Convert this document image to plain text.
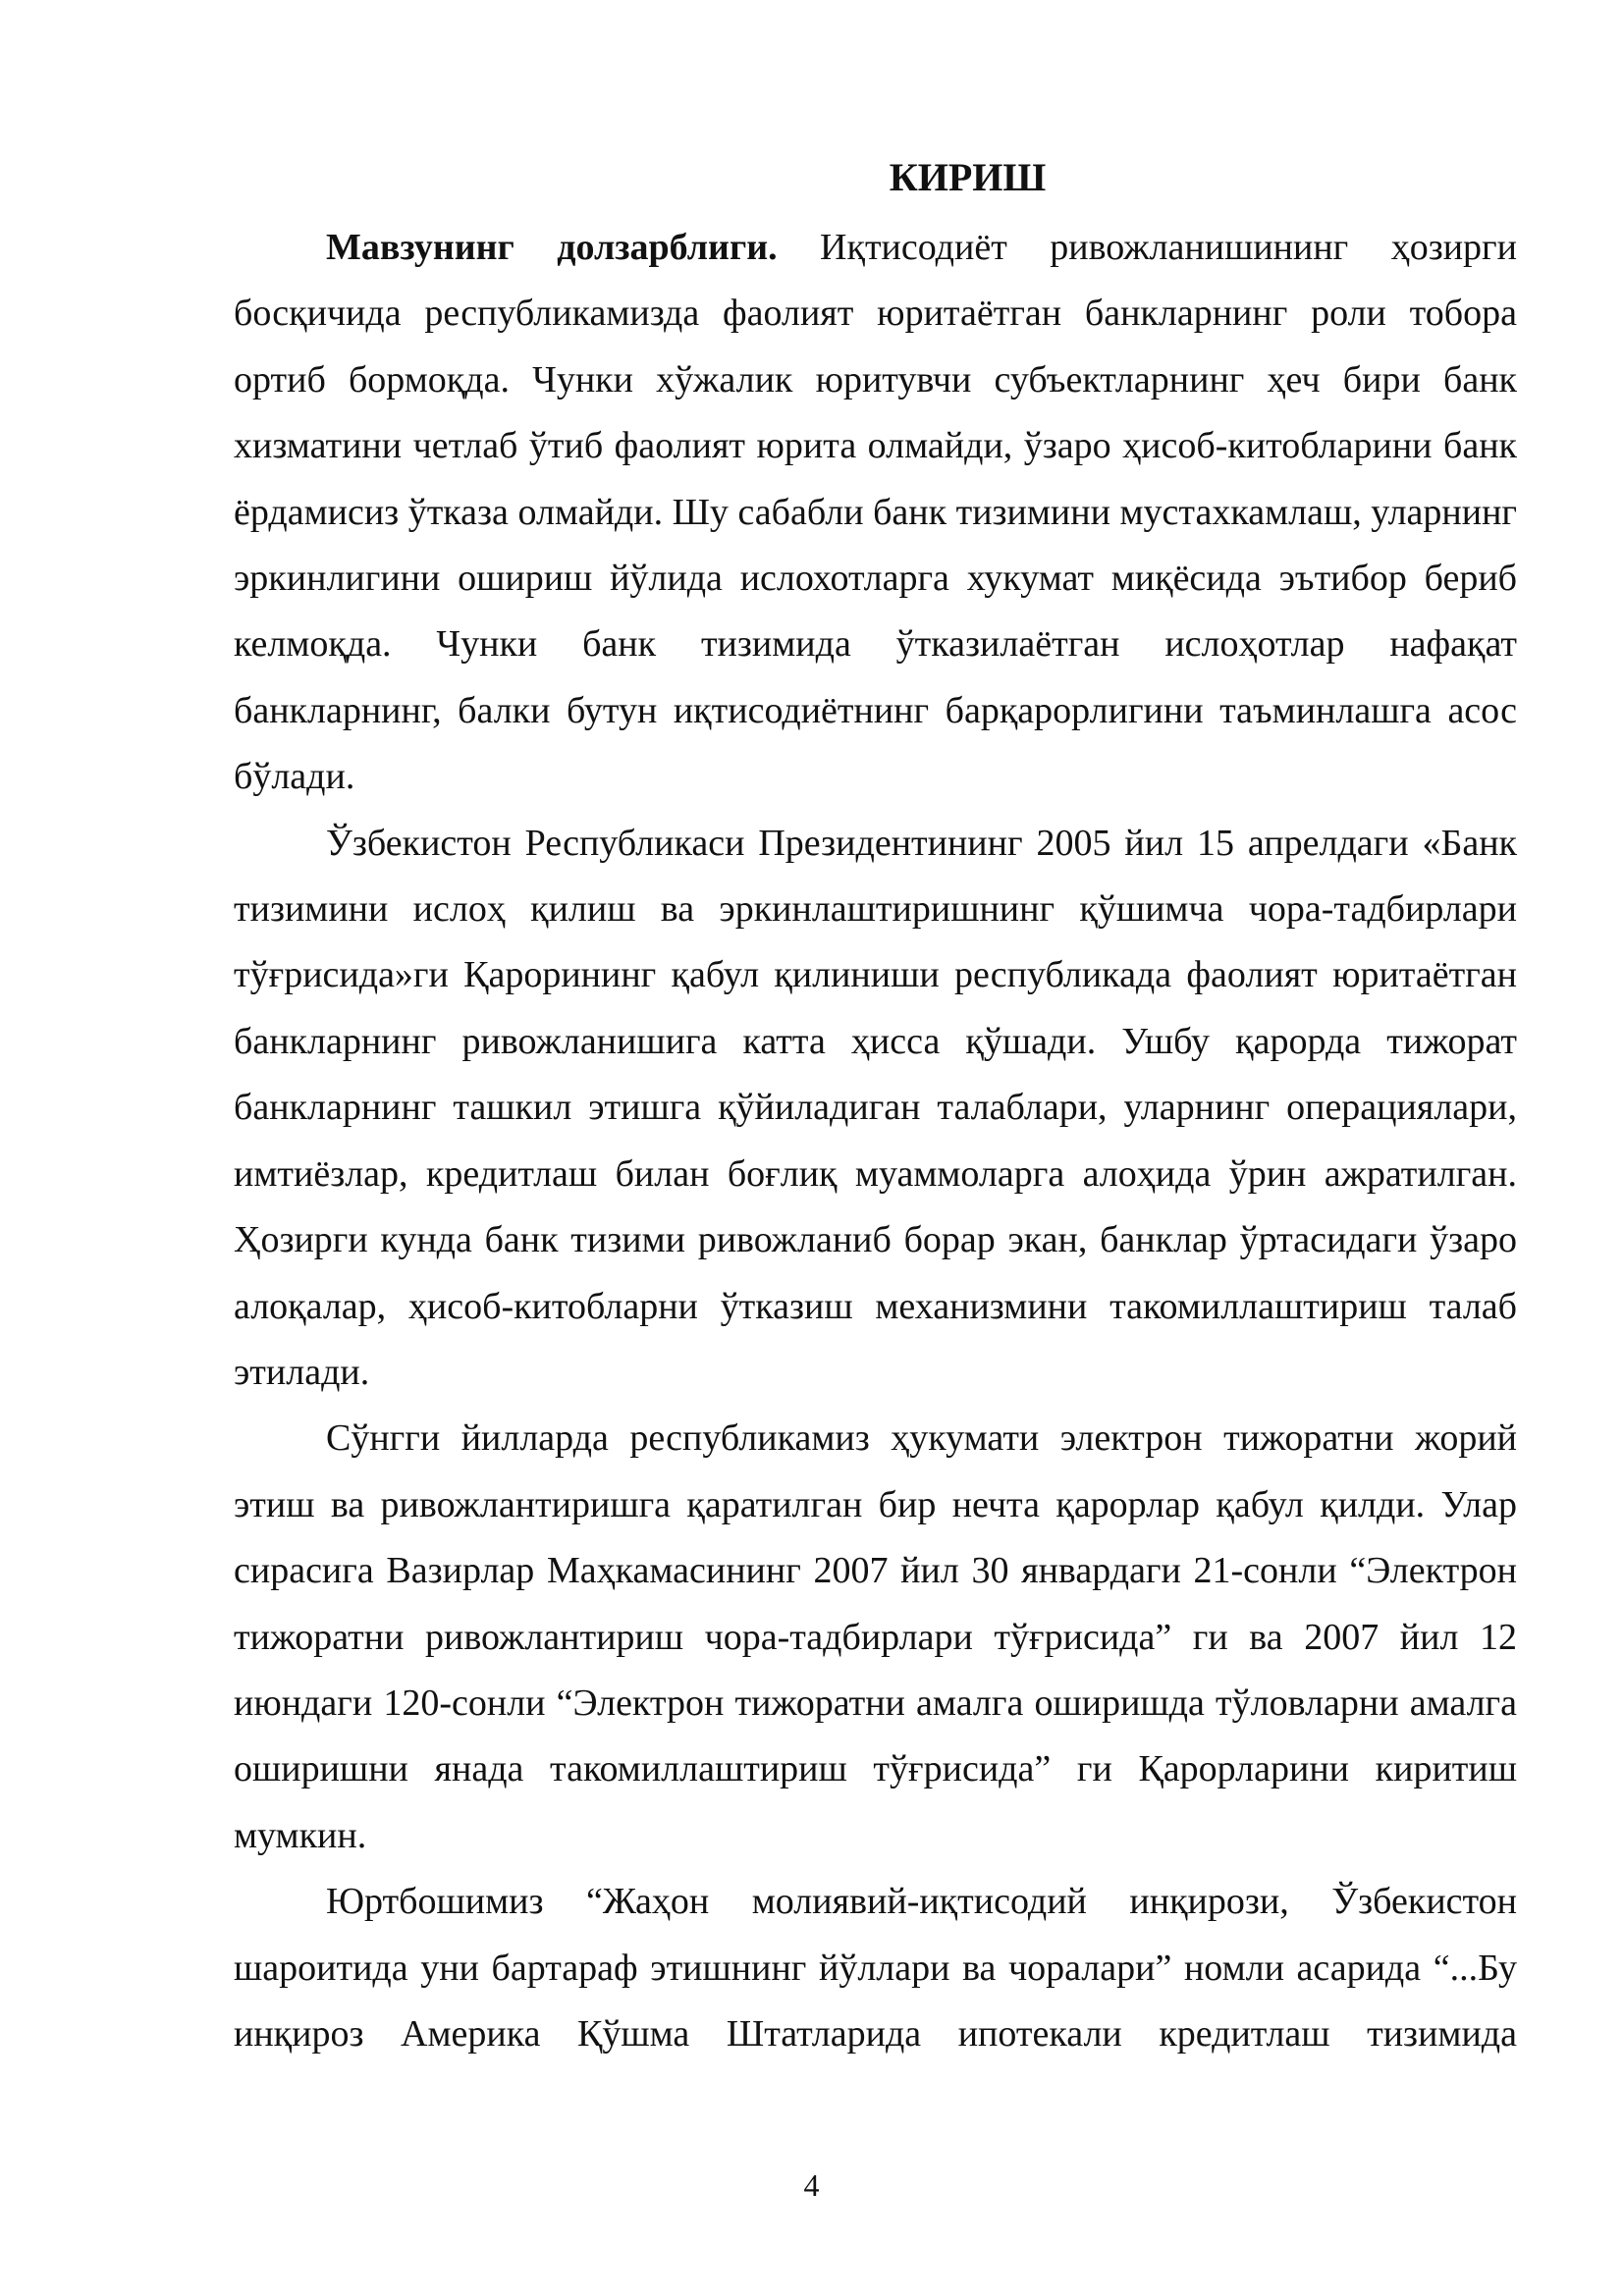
КИРИШ

Мавзунинг долзарблиги. Иқтисодиёт ривожланишининг ҳозирги босқичида республикамизда фаолият юритаётган банкларнинг роли тобора ортиб бормоқда. Чунки хўжалик юритувчи субъектларнинг ҳеч бири банк хизматини четлаб ўтиб фаолият юрита олмайди, ўзаро ҳисоб-китобларини банк ёрдамисиз ўтказа олмайди. Шу сабабли банк тизимини мустахкамлаш, уларнинг эркинлигини ошириш йўлида ислохотларга хукумат миқёсида эътибор бериб келмоқда. Чунки банк тизимида ўтказилаётган ислоҳотлар нафақат банкларнинг, балки бутун иқтисодиётнинг барқарорлигини таъминлашга асос бўлади.

Ўзбекистон Республикаси Президентининг 2005 йил 15 апрелдаги «Банк тизимини ислоҳ қилиш ва эркинлаштиришнинг қўшимча чора-тадбирлари тўғрисида»ги Қарорининг қабул қилиниши республикада фаолият юритаётган банкларнинг ривожланишига катта ҳисса қўшади. Ушбу қарорда тижорат банкларнинг ташкил этишга қўйиладиган талаблари, уларнинг операциялари, имтиёзлар, кредитлаш билан боғлиқ муаммоларга алоҳида ўрин ажратилган. Ҳозирги кунда банк тизими ривожланиб борар экан, банклар ўртасидаги ўзаро алоқалар, ҳисоб-китобларни ўтказиш механизмини такомиллаштириш талаб этилади.

Сўнгги йилларда республикамиз ҳукумати электрон тижоратни жорий этиш ва ривожлантиришга қаратилган бир нечта қарорлар қабул қилди. Улар сирасига Вазирлар Маҳкамасининг 2007 йил 30 январдаги 21-сонли “Электрон тижоратни ривожлантириш чора-тадбирлари тўғрисида” ги ва 2007 йил 12 июндаги 120-сонли “Электрон тижоратни амалга оширишда тўловларни амалга оширишни янада такомиллаштириш тўғрисида” ги Қарорларини киритиш мумкин.

Юртбошимиз “Жаҳон молиявий-иқтисодий инқирози, Ўзбекистон шароитида уни бартараф этишнинг йўллари ва чоралари” номли асарида “...Бу инқироз Америка Қўшма Штатларида ипотекали кредитлаш тизимида

4
